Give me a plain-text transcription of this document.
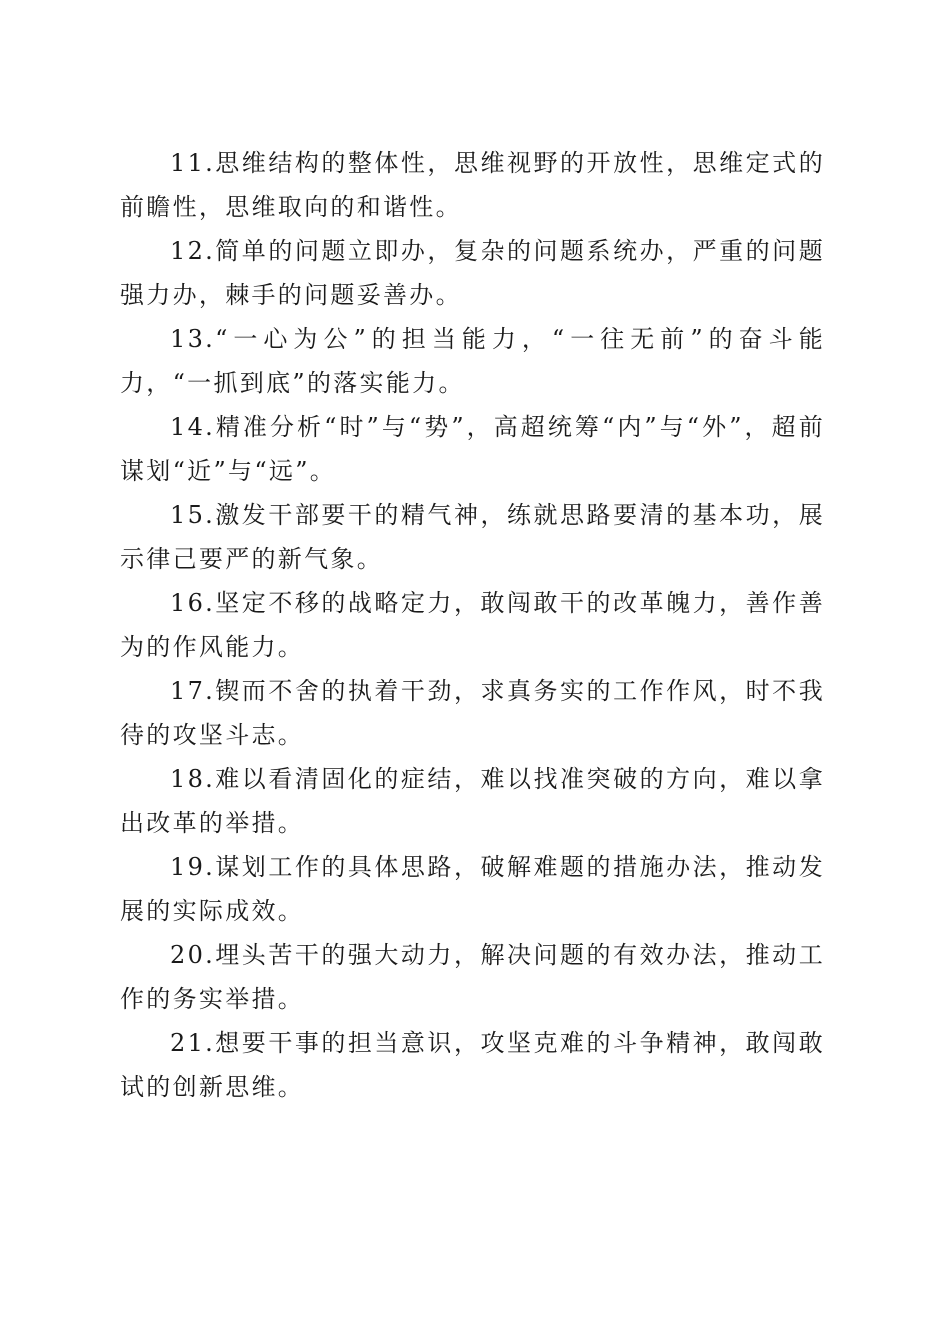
11.思维结构的整体性，思维视野的开放性，思维定式的前瞻性，思维取向的和谐性。

12.简单的问题立即办，复杂的问题系统办，严重的问题强力办，棘手的问题妥善办。

13.“一心为公”的担当能力，“一往无前”的奋斗能力，“一抓到底”的落实能力。

14.精准分析“时”与“势”，高超统筹“内”与“外”，超前谋划“近”与“远”。

15.激发干部要干的精气神，练就思路要清的基本功，展示律己要严的新气象。

16.坚定不移的战略定力，敢闯敢干的改革魄力，善作善为的作风能力。

17.锲而不舍的执着干劲，求真务实的工作作风，时不我待的攻坚斗志。

18.难以看清固化的症结，难以找准突破的方向，难以拿出改革的举措。

19.谋划工作的具体思路，破解难题的措施办法，推动发展的实际成效。

20.埋头苦干的强大动力，解决问题的有效办法，推动工作的务实举措。

21.想要干事的担当意识，攻坚克难的斗争精神，敢闯敢试的创新思维。
